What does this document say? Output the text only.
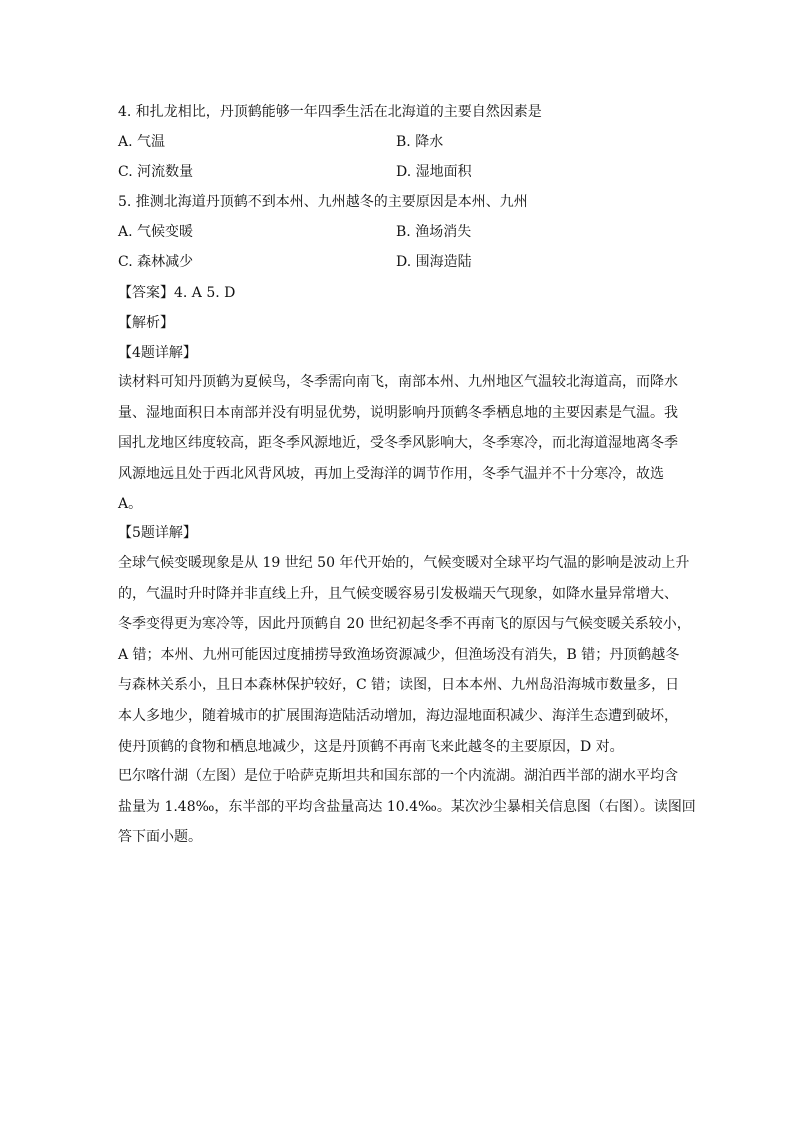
4. 和扎龙相比，丹顶鹤能够一年四季生活在北海道的主要自然因素是
A. 气温	B. 降水
C. 河流数量	D. 湿地面积
5. 推测北海道丹顶鹤不到本州、九州越冬的主要原因是本州、九州
A. 气候变暖	B. 渔场消失
C. 森林减少	D. 围海造陆
【答案】4. A 5. D
【解析】
【4题详解】
读材料可知丹顶鹤为夏候鸟，冬季需向南飞，南部本州、九州地区气温较北海道高，而降水
量、湿地面积日本南部并没有明显优势，说明影响丹顶鹤冬季栖息地的主要因素是气温。我
国扎龙地区纬度较高，距冬季风源地近，受冬季风影响大，冬季寒冷，而北海道湿地离冬季
风源地远且处于西北风背风坡，再加上受海洋的调节作用，冬季气温并不十分寒冷，故选
A。
【5题详解】
全球气候变暖现象是从 19 世纪 50 年代开始的，气候变暖对全球平均气温的影响是波动上升
的，气温时升时降并非直线上升，且气候变暖容易引发极端天气现象，如降水量异常增大、
冬季变得更为寒冷等，因此丹顶鹤自 20 世纪初起冬季不再南飞的原因与气候变暖关系较小，
A 错；本州、九州可能因过度捕捞导致渔场资源减少，但渔场没有消失，B 错；丹顶鹤越冬
与森林关系小，且日本森林保护较好，C 错；读图，日本本州、九州岛沿海城市数量多，日
本人多地少，随着城市的扩展围海造陆活动增加，海边湿地面积减少、海洋生态遭到破坏，
使丹顶鹤的食物和栖息地减少，这是丹顶鹤不再南飞来此越冬的主要原因，D 对。
巴尔喀什湖（左图）是位于哈萨克斯坦共和国东部的一个内流湖。湖泊西半部的湖水平均含
盐量为 1.48‰，东半部的平均含盐量高达 10.4‰。某次沙尘暴相关信息图（右图）。读图回
答下面小题。
